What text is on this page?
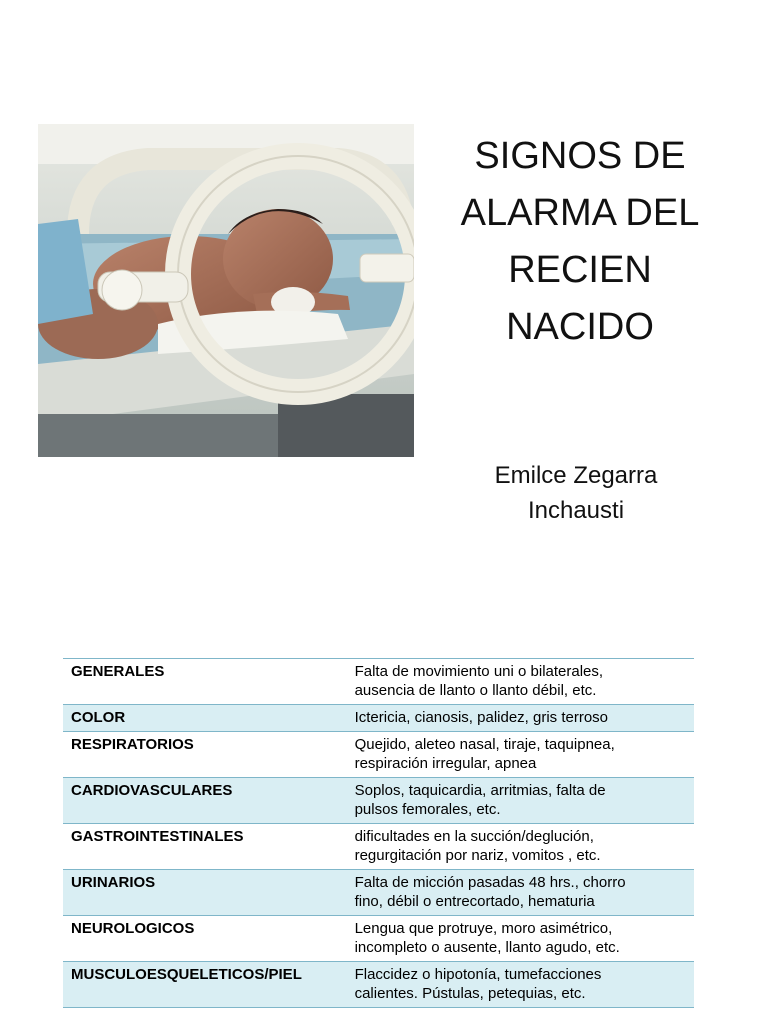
SIGNOS DE
ALARMA DEL
RECIEN
NACIDO
Emilce Zegarra
Inchausti
GENERALES	Falta de movimiento uni o bilaterales,
ausencia de llanto o llanto débil, etc.

COLOR	Ictericia, cianosis, palidez, gris terroso

RESPIRATORIOS	Quejido, aleteo nasal, tiraje, taquipnea,
respiración irregular, apnea

CARDIOVASCULARES	Soplos, taquicardia, arritmias, falta de
pulsos femorales, etc.

GASTROINTESTINALES	dificultades en la succión/deglución,
regurgitación por nariz, vomitos , etc.

URINARIOS	Falta de micción pasadas 48 hrs., chorro
fino, débil o entrecortado, hematuria

NEUROLOGICOS	Lengua que protruye, moro asimétrico,
incompleto o ausente, llanto agudo, etc.

MUSCULOESQUELETICOS/PIEL	Flaccidez o hipotonía, tumefacciones
calientes. Pústulas, petequias, etc.
